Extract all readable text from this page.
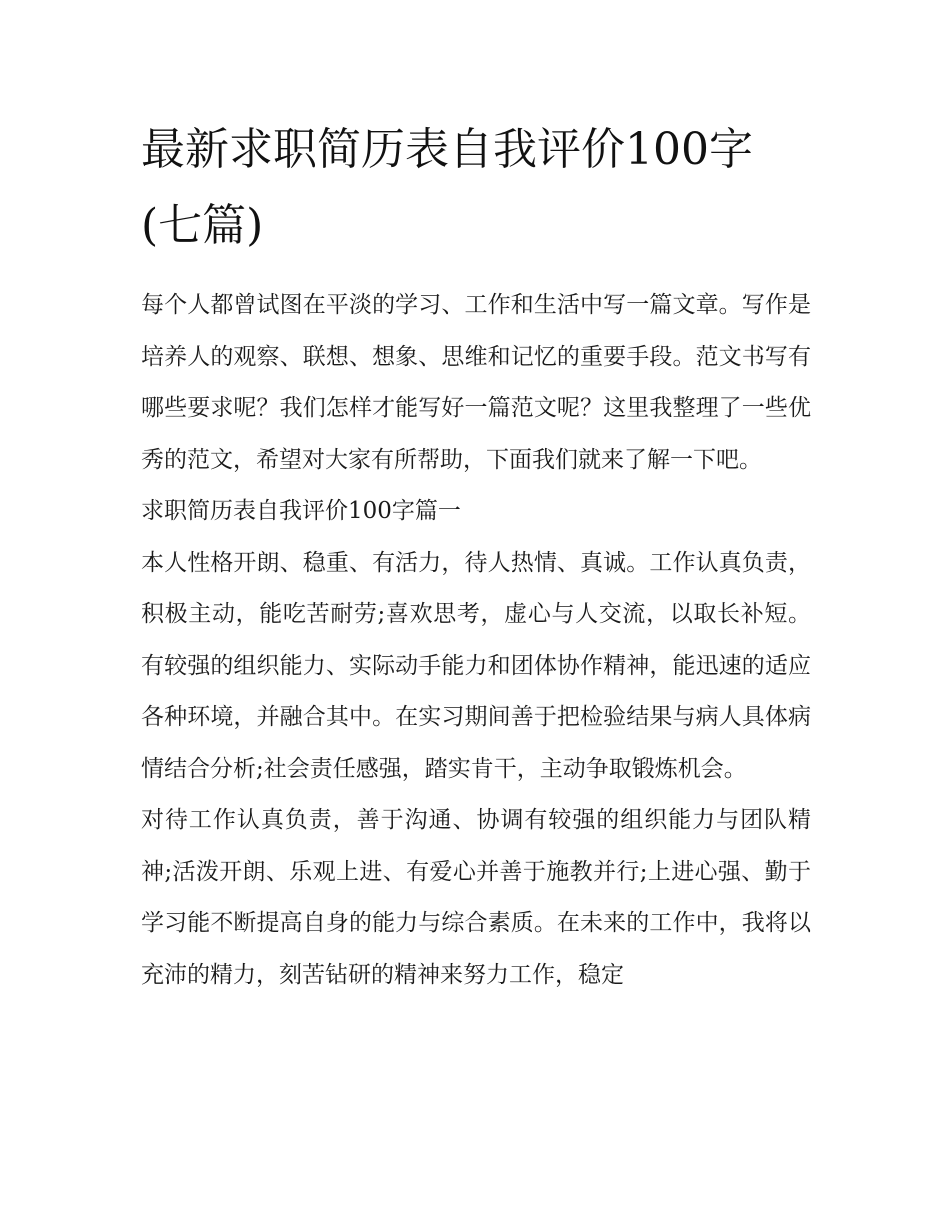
最新求职简历表自我评价100字(七篇)

每个人都曾试图在平淡的学习、工作和生活中写一篇文章。写作是培养人的观察、联想、想象、思维和记忆的重要手段。范文书写有哪些要求呢？我们怎样才能写好一篇范文呢？这里我整理了一些优秀的范文，希望对大家有所帮助，下面我们就来了解一下吧。

求职简历表自我评价100字篇一

本人性格开朗、稳重、有活力，待人热情、真诚。工作认真负责，积极主动，能吃苦耐劳;喜欢思考，虚心与人交流，以取长补短。有较强的组织能力、实际动手能力和团体协作精神，能迅速的适应各种环境，并融合其中。在实习期间善于把检验结果与病人具体病情结合分析;社会责任感强，踏实肯干，主动争取锻炼机会。

对待工作认真负责，善于沟通、协调有较强的组织能力与团队精神;活泼开朗、乐观上进、有爱心并善于施教并行;上进心强、勤于学习能不断提高自身的能力与综合素质。在未来的工作中，我将以充沛的精力，刻苦钻研的精神来努力工作，稳定
